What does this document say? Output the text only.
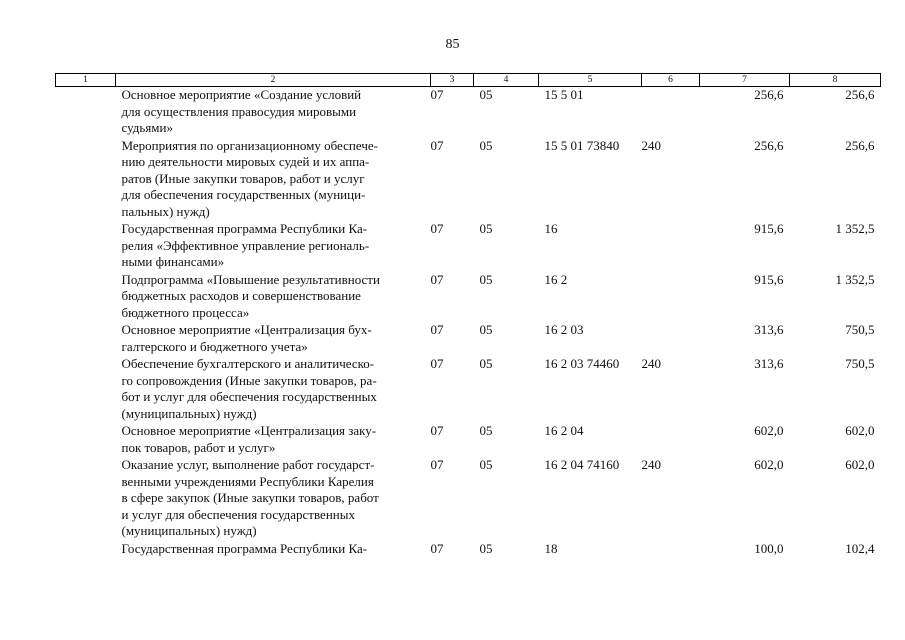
85
1	2	3	4	5	6	7	8
	Основное мероприятие «Создание условий
для осуществления правосудия мировыми
судьями»	07	05	15 5 01		256,6	256,6
	Мероприятия по организационному обеспече-
нию деятельности мировых судей и их аппа-
ратов (Иные закупки товаров, работ и услуг
для обеспечения государственных (муници-
пальных) нужд)	07	05	15 5 01 73840	240	256,6	256,6
	Государственная программа Республики Ка-
релия «Эффективное управление региональ-
ными финансами»	07	05	16		915,6	1 352,5
	Подпрограмма «Повышение результативности
бюджетных расходов и совершенствование
бюджетного процесса»	07	05	16 2		915,6	1 352,5
	Основное мероприятие «Централизация бух-
галтерского и бюджетного учета»	07	05	16 2 03		313,6	750,5
	Обеспечение бухгалтерского и аналитическо-
го сопровождения (Иные закупки товаров, ра-
бот и услуг для обеспечения государственных
(муниципальных) нужд)	07	05	16 2 03 74460	240	313,6	750,5
	Основное мероприятие «Централизация заку-
пок товаров, работ и услуг»	07	05	16 2 04		602,0	602,0
	Оказание услуг, выполнение работ государст-
венными учреждениями Республики Карелия
в сфере закупок (Иные закупки товаров, работ
и услуг для обеспечения государственных
(муниципальных) нужд)	07	05	16 2 04 74160	240	602,0	602,0
	Государственная программа Республики Ка-	07	05	18		100,0	102,4
